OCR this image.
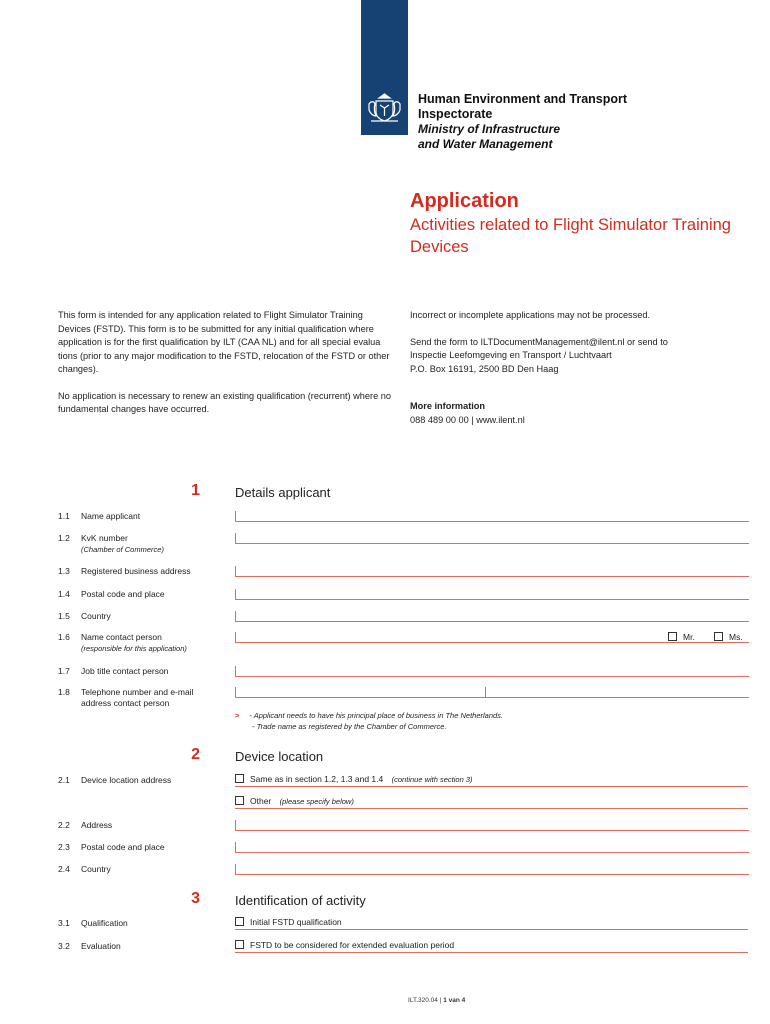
Human Environment and Transport
Inspectorate
Ministry of Infrastructure
and Water Management
Application
Activities related to Flight Simulator Training Devices

This form is intended for any application related to Flight Simulator Training Devices (FSTD). This form is to be submitted for any initial qualification where application is for the first qualification by ILT (CAA NL) and for all special evalua tions (prior to any major modification to the FSTD, relocation of the FSTD or other changes).

No application is necessary to renew an existing qualification (recurrent) where no fundamental changes have occurred.

Incorrect or incomplete applications may not be processed.

Send the form to ILTDocumentManagement@ilent.nl or send to
Inspectie Leefomgeving en Transport / Luchtvaart
P.O. Box 16191, 2500 BD Den Haag

More information
088 489 00 00 | www.ilent.nl

1	Details applicant
1.1	Name applicant
1.2	KvK number
(Chamber of Commerce)
1.3	Registered business address
1.4	Postal code and place
1.5	Country
1.6	Name contact person
(responsible for this application)
Mr.	Ms.
1.7	Job title contact person
1.8	Telephone number and e-mail
address contact person
> - Applicant needs to have his principal place of business in The Netherlands.
- Trade name as registered by the Chamber of Commerce.
2	Device location
2.1	Device location address	Same as in section 1.2, 1.3 and 1.4 (continue with section 3)
Other (please specify below)
2.2	Address
2.3	Postal code and place
2.4	Country
3	Identification of activity
3.1	Qualification	Initial FSTD qualification
3.2	Evaluation	FSTD to be considered for extended evaluation period
ILT.320.04 | 1 van 4
